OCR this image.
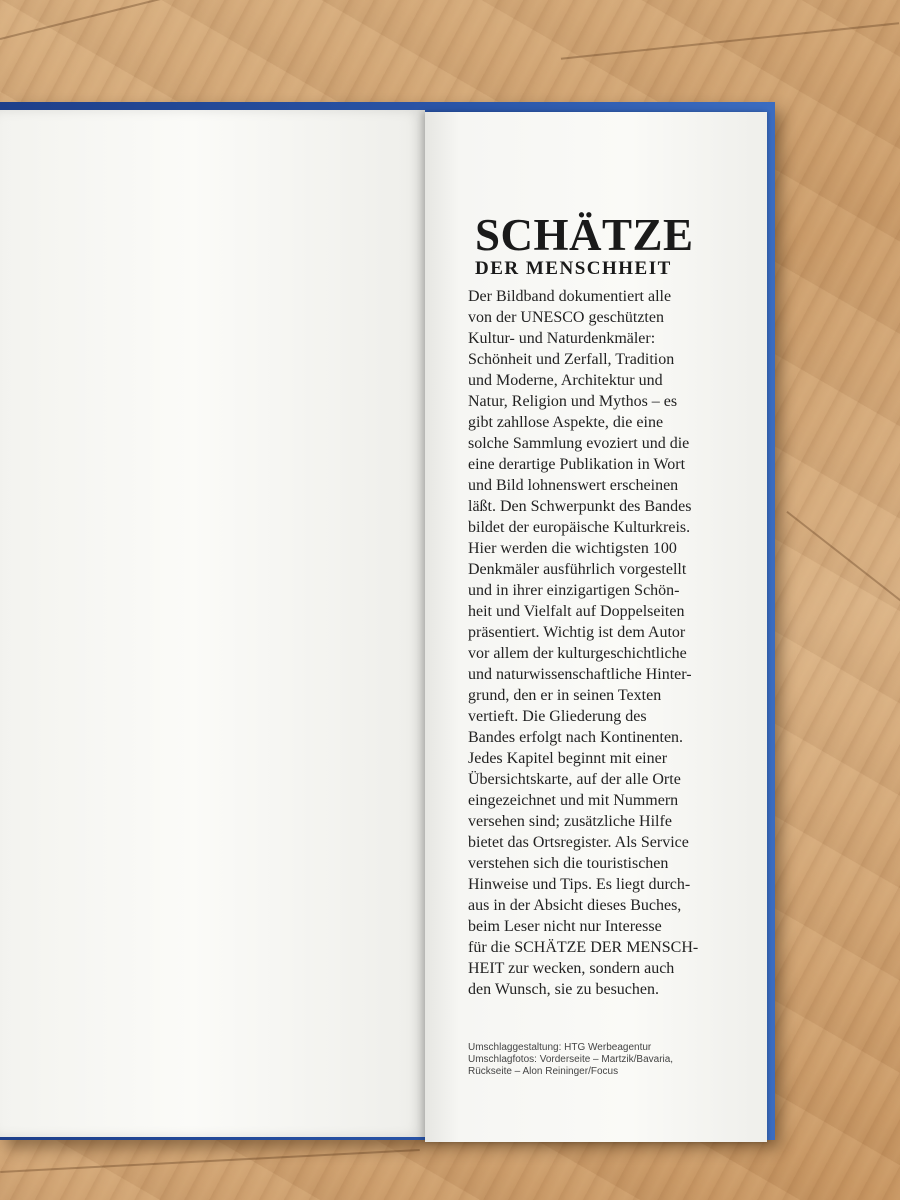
SCHÄTZE
DER MENSCHHEIT
Der Bildband dokumentiert alle
von der UNESCO geschützten
Kultur- und Naturdenkmäler:
Schönheit und Zerfall, Tradition
und Moderne, Architektur und
Natur, Religion und Mythos – es
gibt zahllose Aspekte, die eine
solche Sammlung evoziert und die
eine derartige Publikation in Wort
und Bild lohnenswert erscheinen
läßt. Den Schwerpunkt des Bandes
bildet der europäische Kulturkreis.
Hier werden die wichtigsten 100
Denkmäler ausführlich vorgestellt
und in ihrer einzigartigen Schön-
heit und Vielfalt auf Doppelseiten
präsentiert. Wichtig ist dem Autor
vor allem der kulturgeschichtliche
und naturwissenschaftliche Hinter-
grund, den er in seinen Texten
vertieft. Die Gliederung des
Bandes erfolgt nach Kontinenten.
Jedes Kapitel beginnt mit einer
Übersichtskarte, auf der alle Orte
eingezeichnet und mit Nummern
versehen sind; zusätzliche Hilfe
bietet das Ortsregister. Als Service
verstehen sich die touristischen
Hinweise und Tips. Es liegt durch-
aus in der Absicht dieses Buches,
beim Leser nicht nur Interesse
für die SCHÄTZE DER MENSCH-
HEIT zur wecken, sondern auch
den Wunsch, sie zu besuchen.
Umschlaggestaltung: HTG Werbeagentur
Umschlagfotos: Vorderseite – Martzik/Bavaria,
Rückseite – Alon Reininger/Focus
